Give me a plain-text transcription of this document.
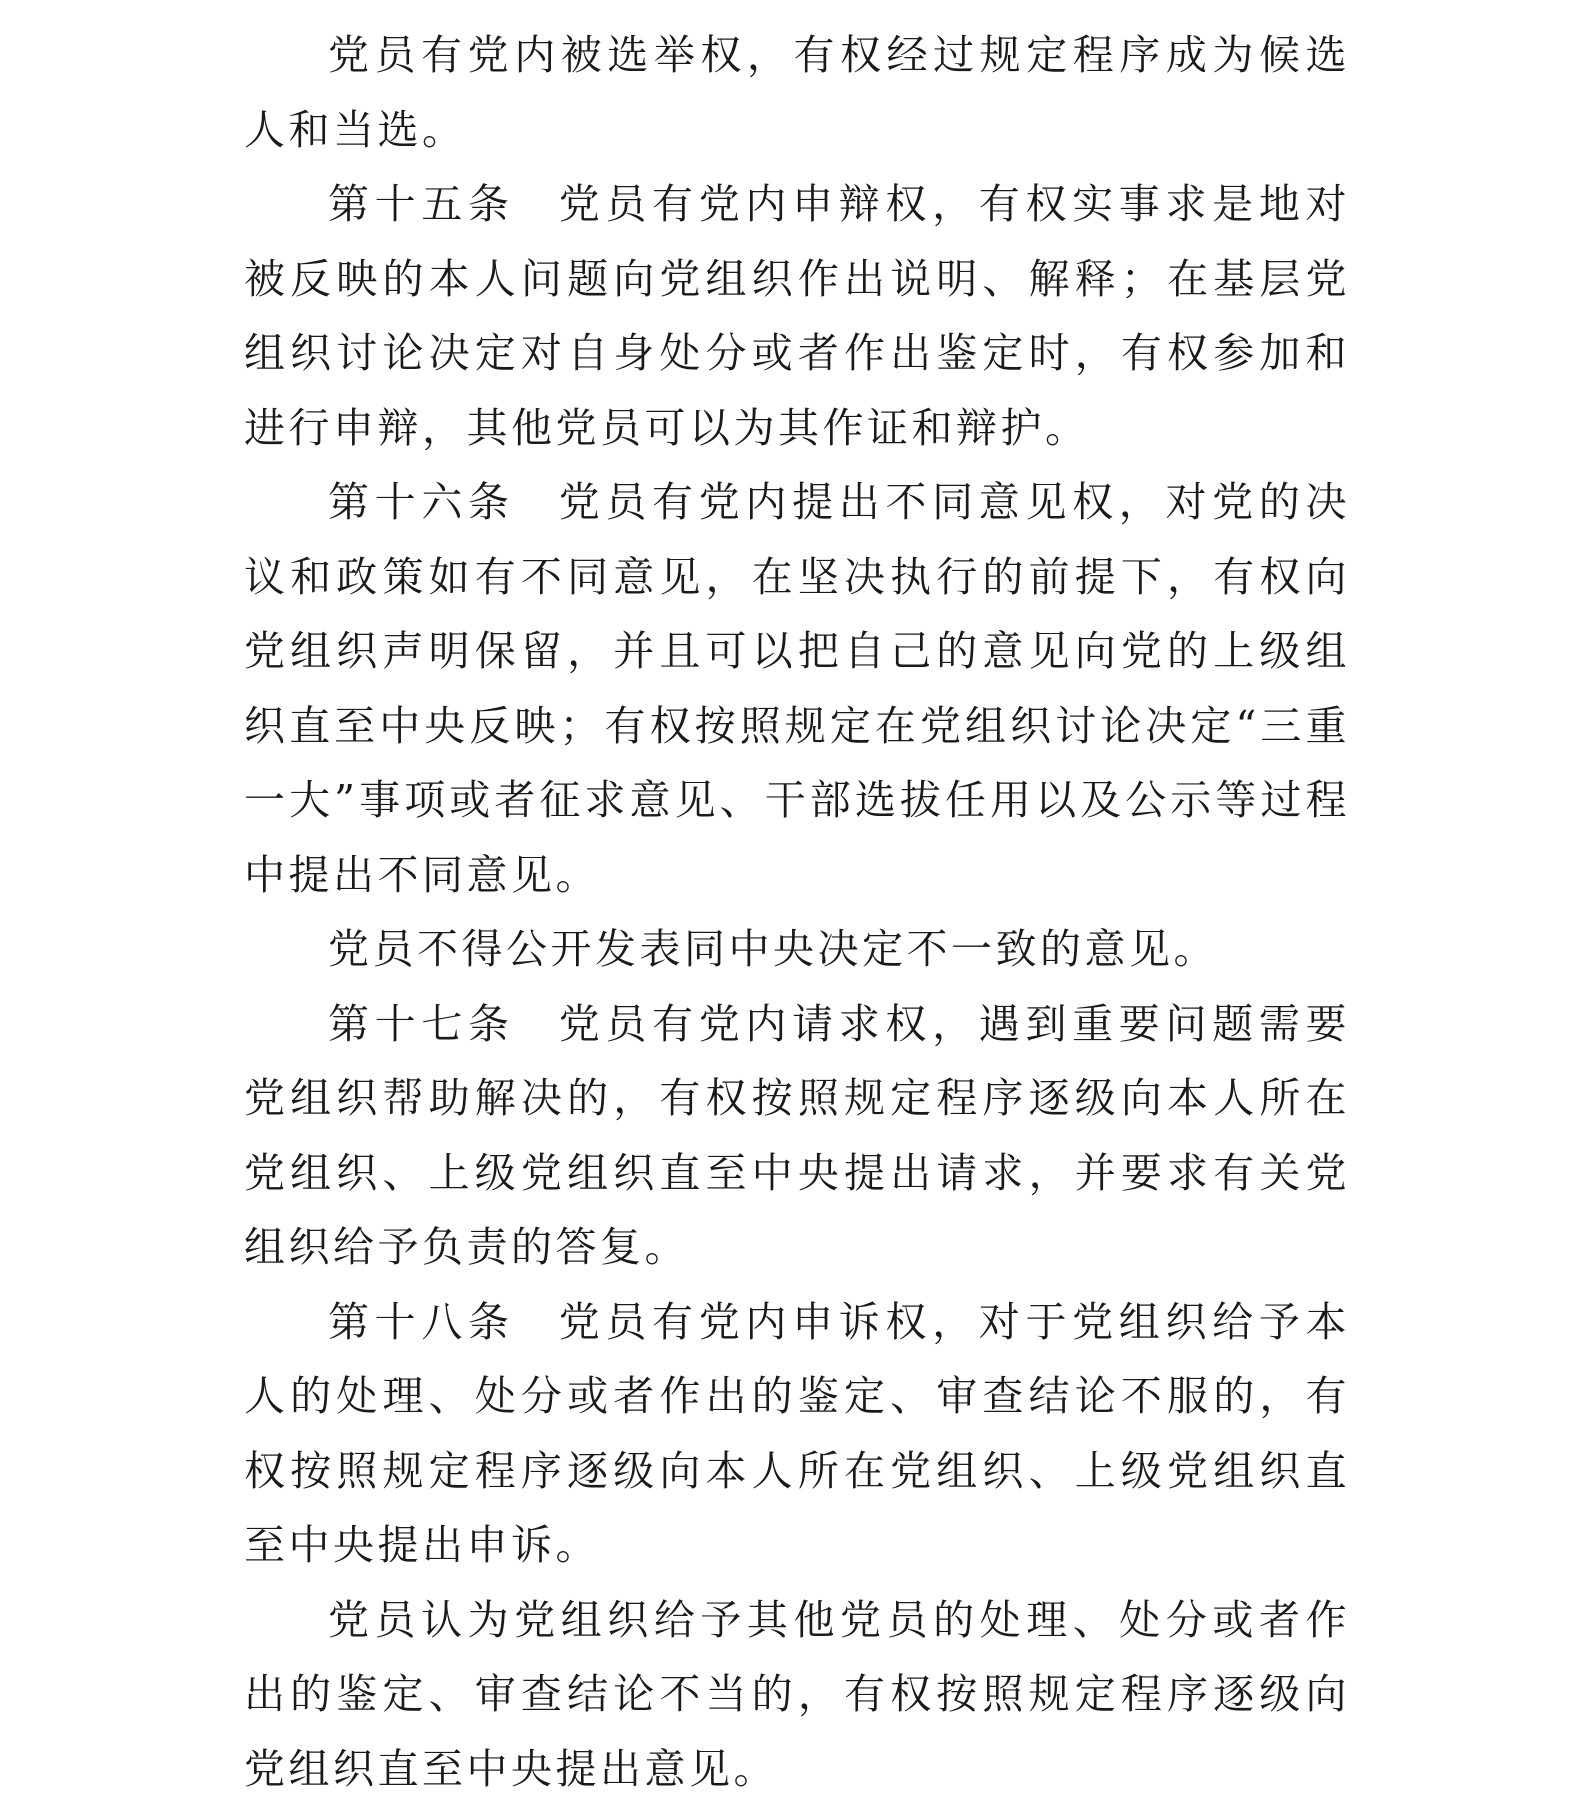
党员有党内被选举权，有权经过规定程序成为候选人和当选。

第十五条 党员有党内申辩权，有权实事求是地对被反映的本人问题向党组织作出说明、解释；在基层党组织讨论决定对自身处分或者作出鉴定时，有权参加和进行申辩，其他党员可以为其作证和辩护。

第十六条 党员有党内提出不同意见权，对党的决议和政策如有不同意见，在坚决执行的前提下，有权向党组织声明保留，并且可以把自己的意见向党的上级组织直至中央反映；有权按照规定在党组织讨论决定“三重一大”事项或者征求意见、干部选拔任用以及公示等过程中提出不同意见。

党员不得公开发表同中央决定不一致的意见。

第十七条 党员有党内请求权，遇到重要问题需要党组织帮助解决的，有权按照规定程序逐级向本人所在党组织、上级党组织直至中央提出请求，并要求有关党组织给予负责的答复。

第十八条 党员有党内申诉权，对于党组织给予本人的处理、处分或者作出的鉴定、审查结论不服的，有权按照规定程序逐级向本人所在党组织、上级党组织直至中央提出申诉。

党员认为党组织给予其他党员的处理、处分或者作出的鉴定、审查结论不当的，有权按照规定程序逐级向党组织直至中央提出意见。
